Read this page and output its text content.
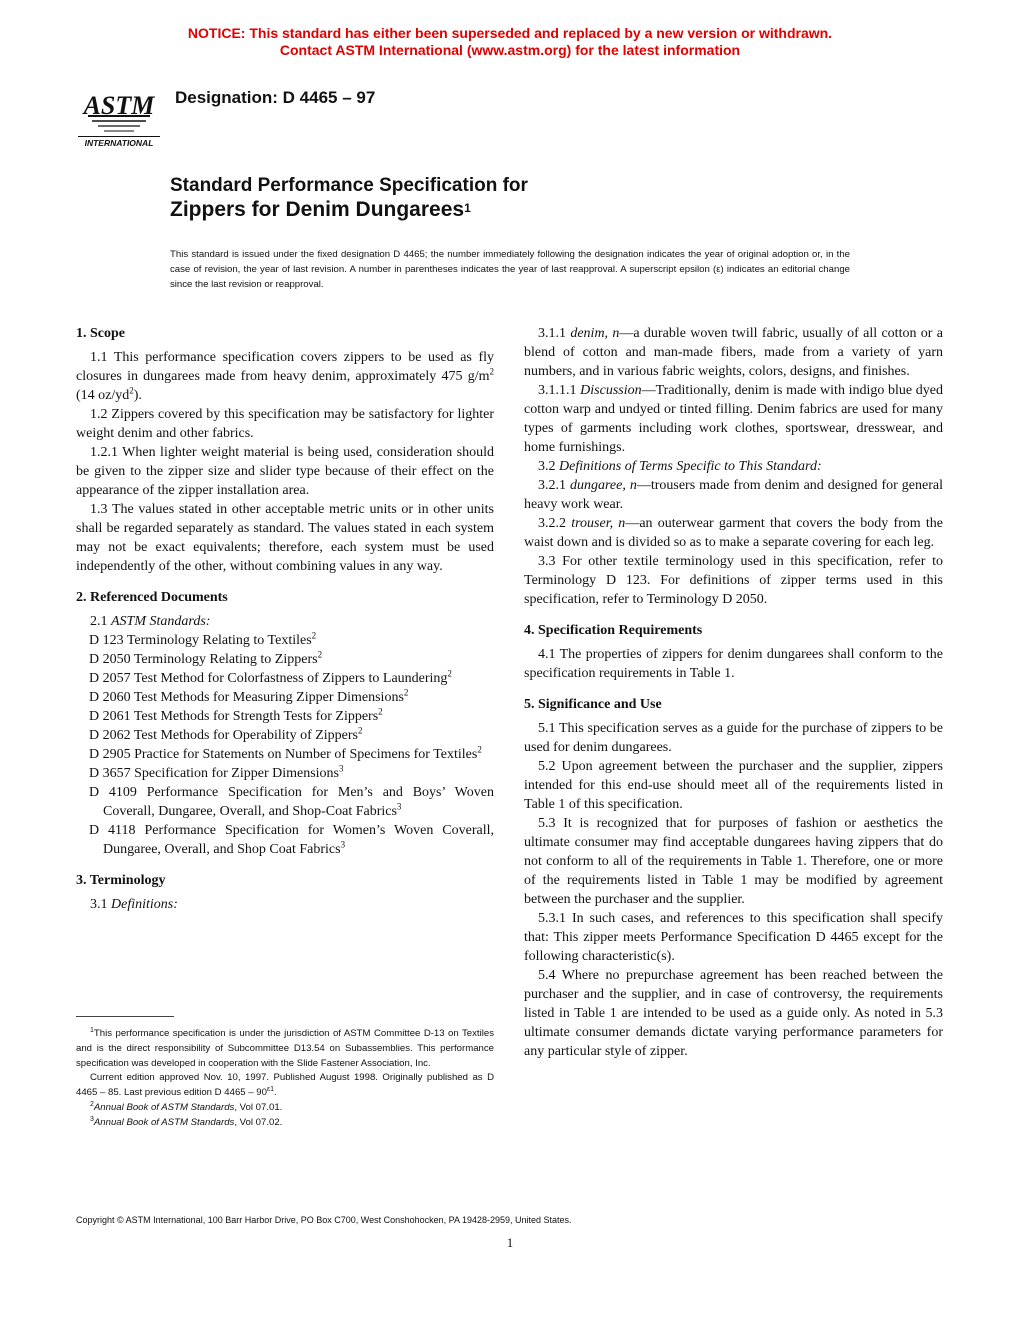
NOTICE: This standard has either been superseded and replaced by a new version or withdrawn.
Contact ASTM International (www.astm.org) for the latest information
ASTM
INTERNATIONAL
Designation: D 4465 – 97
Standard Performance Specification for
Zippers for Denim Dungarees$^1$
This standard is issued under the fixed designation D 4465; the number immediately following the designation indicates the year of original adoption or, in the case of revision, the year of last revision. A number in parentheses indicates the year of last reapproval. A superscript epsilon (ε) indicates an editorial change since the last revision or reapproval.
1. Scope

1.1 This performance specification covers zippers to be used as fly closures in dungarees made from heavy denim, approximately 475 $g/m^2$ (14 $oz/yd^2$).

1.2 Zippers covered by this specification may be satisfactory for lighter weight denim and other fabrics.

1.2.1 When lighter weight material is being used, consideration should be given to the zipper size and slider type because of their effect on the appearance of the zipper installation area.

1.3 The values stated in other acceptable metric units or in other units shall be regarded separately as standard. The values stated in each system may not be exact equivalents; therefore, each system must be used independently of the other, without combining values in any way.

2. Referenced Documents

2.1 ASTM Standards:

D 123 Terminology Relating to Textiles$^2$

D 2050 Terminology Relating to Zippers$^2$

D 2057 Test Method for Colorfastness of Zippers to Laundering$^2$

D 2060 Test Methods for Measuring Zipper Dimensions$^2$

D 2061 Test Methods for Strength Tests for Zippers$^2$

D 2062 Test Methods for Operability of Zippers$^2$

D 2905 Practice for Statements on Number of Specimens for Textiles$^2$

D 3657 Specification for Zipper Dimensions$^3$

D 4109 Performance Specification for Men’s and Boys’ Woven Coverall, Dungaree, Overall, and Shop-Coat Fabrics$^3$

D 4118 Performance Specification for Women’s Woven Coverall, Dungaree, Overall, and Shop Coat Fabrics$^3$

3. Terminology

3.1 Definitions:

3.1.1 denim, n—a durable woven twill fabric, usually of all cotton or a blend of cotton and man-made fibers, made from a variety of yarn numbers, and in various fabric weights, colors, designs, and finishes.

3.1.1.1 Discussion—Traditionally, denim is made with indigo blue dyed cotton warp and undyed or tinted filling. Denim fabrics are used for many types of garments including work clothes, sportswear, dresswear, and home furnishings.

3.2 Definitions of Terms Specific to This Standard:

3.2.1 dungaree, n—trousers made from denim and designed for general heavy work wear.

3.2.2 trouser, n—an outerwear garment that covers the body from the waist down and is divided so as to make a separate covering for each leg.

3.3 For other textile terminology used in this specification, refer to Terminology D 123. For definitions of zipper terms used in this specification, refer to Terminology D 2050.

4. Specification Requirements

4.1 The properties of zippers for denim dungarees shall conform to the specification requirements in Table 1.

5. Significance and Use

5.1 This specification serves as a guide for the purchase of zippers to be used for denim dungarees.

5.2 Upon agreement between the purchaser and the supplier, zippers intended for this end-use should meet all of the requirements listed in Table 1 of this specification.

5.3 It is recognized that for purposes of fashion or aesthetics the ultimate consumer may find acceptable dungarees having zippers that do not conform to all of the requirements in Table 1. Therefore, one or more of the requirements listed in Table 1 may be modified by agreement between the purchaser and the supplier.

5.3.1 In such cases, and references to this specification shall specify that: This zipper meets Performance Specification D 4465 except for the following characteristic(s).

5.4 Where no prepurchase agreement has been reached between the purchaser and the supplier, and in case of controversy, the requirements listed in Table 1 are intended to be used as a guide only. As noted in 5.3 ultimate consumer demands dictate varying performance parameters for any particular style of zipper.

$^1$This performance specification is under the jurisdiction of ASTM Committee D-13 on Textiles and is the direct responsibility of Subcommittee D13.54 on Subassemblies. This performance specification was developed in cooperation with the Slide Fastener Association, Inc.

Current edition approved Nov. 10, 1997. Published August 1998. Originally published as D 4465 – 85. Last previous edition D $4465 - 90^{\varepsilon 1}$.

$^2$Annual Book of ASTM Standards, Vol 07.01.

$^3$Annual Book of ASTM Standards, Vol 07.02.

Copyright © ASTM International, 100 Barr Harbor Drive, PO Box C700, West Conshohocken, PA 19428-2959, United States.
1
